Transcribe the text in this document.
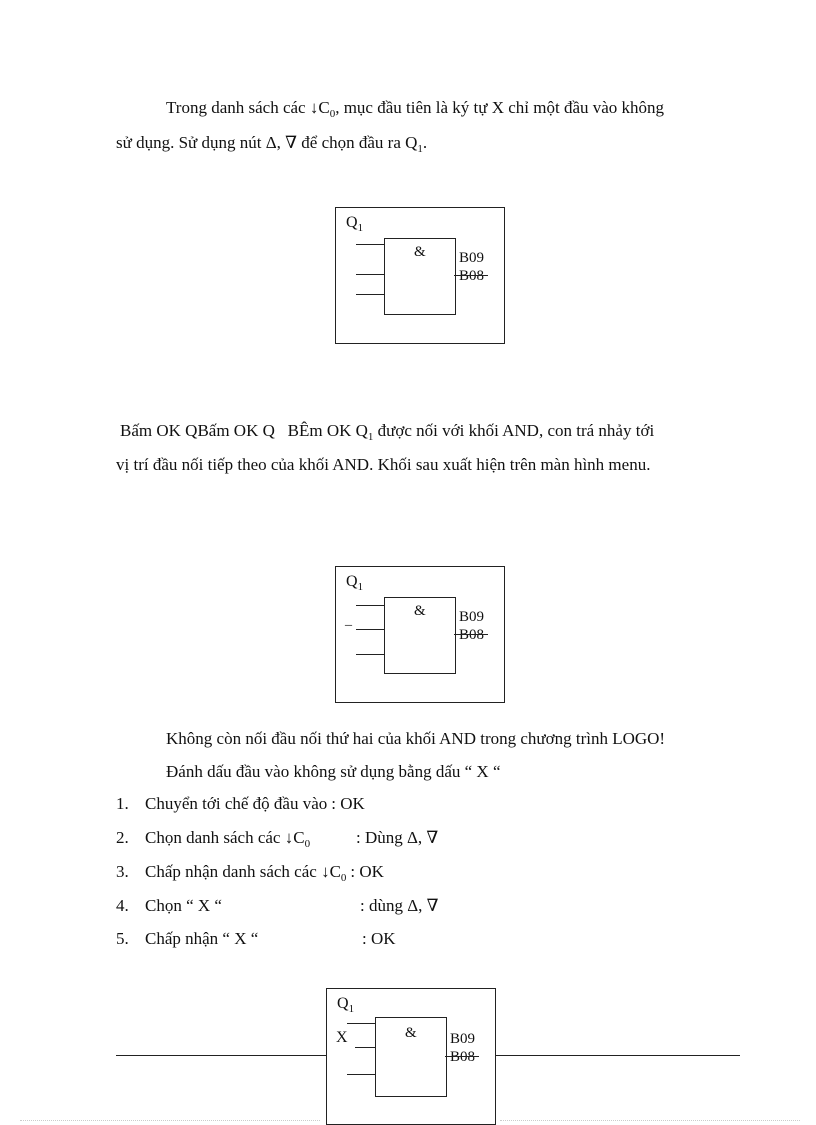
Trong danh sách các $↓C_0$, mục đầu tiên là ký tự X chỉ một đầu vào không
sử dụng. Sử dụng nút Δ, ∇ để chọn đầu ra $Q_1$.
$Q_1$
& B09
B08
Bấm OK QBấm OK Q   BÊm OK $Q_1$ được nối với khối AND, con trá nhảy tới
vị trí đầu nối tiếp theo của khối AND. Khối sau xuất hiện trên màn hình menu.
$Q_1$
_
& B09
B08
Không còn nối đầu nối thứ hai của khối AND trong chương trình LOGO!
Đánh dấu đầu vào không sử dụng bằng dấu “ X “
1. Chuyển tới chế độ đầu vào : OK
2. Chọn danh sách các $↓C_0$	: Dùng Δ, ∇
3. Chấp nhận danh sách các $↓C_0$ : OK
4. Chọn “ X “	: dùng Δ, ∇
5. Chấp nhận “ X “	: OK
$Q_1$
X	& B09
B08
